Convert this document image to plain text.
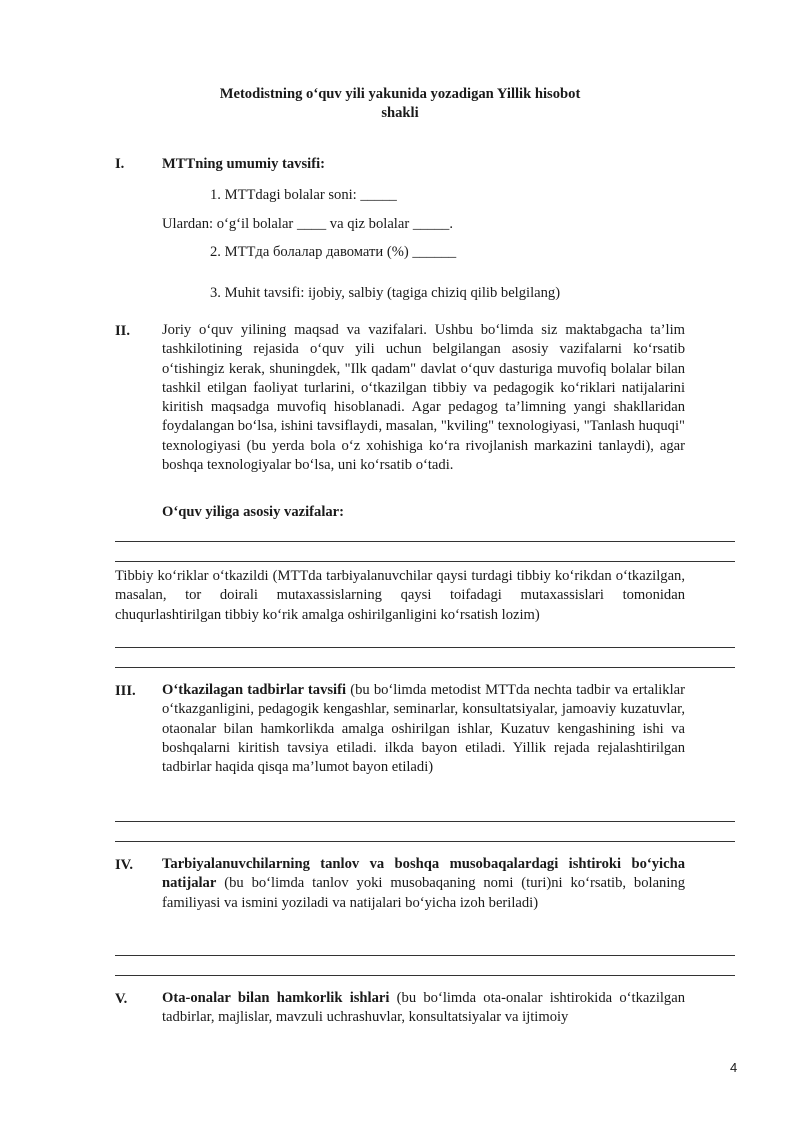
Metodistning o‘quv yili yakunida yozadigan Yillik hisobot
shakli
I.	MTTning umumiy tavsifi:
1. MTTdagi bolalar soni: _____
Ulardan: o‘g‘il bolalar ____ va qiz bolalar _____.
2. MTTда болалар давомати (%) ______
3. Muhit tavsifi: ijobiy, salbiy (tagiga chiziq qilib belgilang)
II. Joriy o‘quv yilining maqsad va vazifalari. Ushbu bo‘limda siz maktabgacha ta’lim tashkilotining rejasida o‘quv yili uchun belgilangan asosiy vazifalarni ko‘rsatib o‘tishingiz kerak, shuningdek, "Ilk qadam" davlat o‘quv dasturiga muvofiq bolalar bilan tashkil etilgan faoliyat turlarini, o‘tkazilgan tibbiy va pedagogik ko‘riklari natijalarini kiritish maqsadga muvofiq hisoblanadi. Agar pedagog ta’limning yangi shakllaridan foydalangan bo‘lsa, ishini tavsiflaydi, masalan, "kviling" texnologiyasi, "Tanlash huquqi" texnologiyasi (bu yerda bola o‘z xohishiga ko‘ra rivojlanish markazini tanlaydi), agar boshqa texnologiyalar bo‘lsa, uni ko‘rsatib o‘tadi.
O‘quv yiliga asosiy vazifalar:
Tibbiy ko‘riklar o‘tkazildi (MTTda tarbiyalanuvchilar qaysi turdagi tibbiy ko‘rikdan o‘tkazilgan, masalan, tor doirali mutaxassislarning qaysi toifadagi mutaxassislari tomonidan chuqurlashtirilgan tibbiy ko‘rik amalga oshirilganligini ko‘rsatish lozim)
III. O‘tkazilagan tadbirlar tavsifi (bu bo‘limda metodist MTTda nechta tadbir va ertaliklar o‘tkazganligini, pedagogik kengashlar, seminarlar, konsultatsiyalar, jamoaviy kuzatuvlar, otaonalar bilan hamkorlikda amalga oshirilgan ishlar, Kuzatuv kengashining ishi va boshqalarni kiritish tavsiya etiladi. ilkda bayon etiladi. Yillik rejada rejalashtirilgan tadbirlar haqida qisqa ma’lumot bayon etiladi)
IV. Tarbiyalanuvchilarning tanlov va boshqa musobaqalardagi ishtiroki bo‘yicha natijalar (bu bo‘limda tanlov yoki musobaqaning nomi (turi)ni ko‘rsatib, bolaning familiyasi va ismini yoziladi va natijalari bo‘yicha izoh beriladi)
V. Ota-onalar bilan hamkorlik ishlari (bu bo‘limda ota-onalar ishtirokida o‘tkazilgan tadbirlar, majlislar, mavzuli uchrashuvlar, konsultatsiyalar va ijtimoiy
4
